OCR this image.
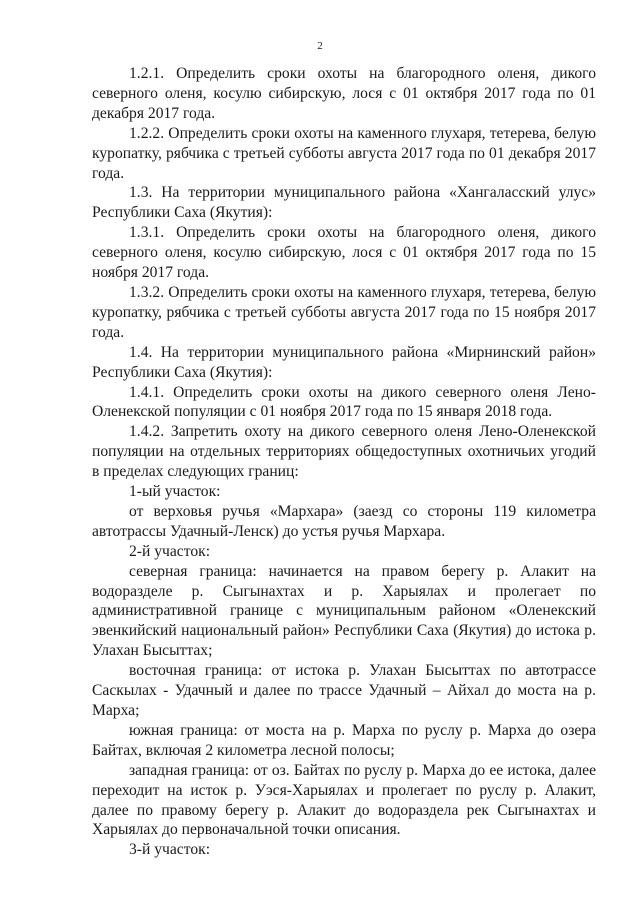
2

1.2.1. Определить сроки охоты на благородного оленя, дикого северного оленя, косулю сибирскую, лося с 01 октября 2017 года по 01 декабря 2017 года.

1.2.2. Определить сроки охоты на каменного глухаря, тетерева, белую куропатку, рябчика с третьей субботы августа 2017 года по 01 декабря 2017 года.

1.3. На территории муниципального района «Хангаласский улус» Республики Саха (Якутия):

1.3.1. Определить сроки охоты на благородного оленя, дикого северного оленя, косулю сибирскую, лося с 01 октября 2017 года по 15 ноября 2017 года.

1.3.2. Определить сроки охоты на каменного глухаря, тетерева, белую куропатку, рябчика с третьей субботы августа 2017 года по 15 ноября 2017 года.

1.4. На территории муниципального района «Мирнинский район» Республики Саха (Якутия):

1.4.1. Определить сроки охоты на дикого северного оленя Лено-Оленекской популяции с 01 ноября 2017 года по 15 января 2018 года.

1.4.2. Запретить охоту на дикого северного оленя Лено-Оленекской популяции на отдельных территориях общедоступных охотничьих угодий в пределах следующих границ:

1-ый участок:

от верховья ручья «Мархара» (заезд со стороны 119 километра автотрассы Удачный-Ленск) до устья ручья Мархара.

2-й участок:

северная граница: начинается на правом берегу р. Алакит на водоразделе р. Сыгынахтах и р. Харыялах и пролегает по административной границе с муниципальным районом «Оленекский эвенкийский национальный район» Республики Саха (Якутия) до истока р. Улахан Бысыттах;

восточная граница: от истока р. Улахан Бысыттах по автотрассе Саскылах - Удачный и далее по трассе Удачный – Айхал до моста на р. Марха;

южная граница: от моста на р. Марха по руслу р. Марха до озера Байтах, включая 2 километра лесной полосы;

западная граница: от оз. Байтах по руслу р. Марха до ее истока, далее переходит на исток р. Уэся-Харыялах и пролегает по руслу р. Алакит, далее по правому берегу р. Алакит до водораздела рек Сыгынахтах и Харыялах до первоначальной точки описания.

3-й участок:
